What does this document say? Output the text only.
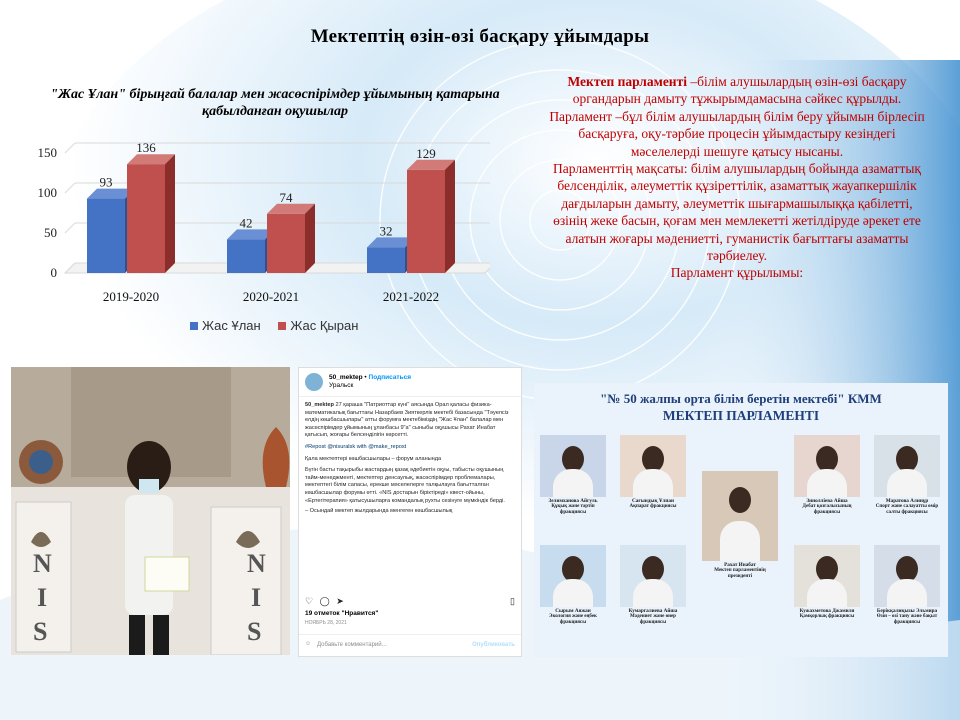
Мектептің өзін-өзі басқару ұйымдары
"Жас Ұлан" бірыңғай балалар мен жасөспірімдер ұйымының қатарына қабылданған оқушылар
0
50
100
150
93
136
2019-2020
42
74
2020-2021
32
129
2021-2022
Жас Ұлан Жас Қыран
Мектеп парламенті –білім алушылардың өзін-өзі басқару органдарын дамыту тұжырымдамасына сәйкес құрылды.
Парламент –бұл білім алушылардың білім беру ұйымын бірлесіп басқаруға, оқу-тәрбие процесін ұйымдастыру кезіндегі мәселелерді шешуге қатысу нысаны.
Парламенттің мақсаты: білім алушылардың бойында азаматтық белсенділік, әлеуметтік құзіреттілік, азаматтық жауапкершілік дағдыларын дамыту, әлеуметтік шығармашылыққа қабілетті, өзінің жеке басын, қоғам мен мемлекетті жетілдіруде әрекет ете алатын жоғары мәдениетті, гуманистік бағыттағы азаматты тәрбиелеу.
Парламент құрылымы:
N
I
S
N
I
S
50_mektep • Подписаться
Уральск
50_mektep 27 қараша "Патриоттар күні" аясында Орал қаласы физика-математикалық бағыттағы Назарбаев Зияткерлік мектебі базасында "Тәуелсіз елдің көшбасшылары" атты форумға мектебіміздің "Жас Ұлан" балалар мен жасөспірімдер ұйымының ұланбасы 9"а" сыныбы оқушысы Рахат Инабат қатысып, жоғары белсенділігін көрсетті.
#Repost @nisuralsk with @make_repost
Қала мектептері көшбасшылары – форум аланында
Бүгін басты тақырыбы жастардың қазақ әдебиетін оқуы, табысты оқушының тайм-менеджменті, мектептер денсаулық, жасөспірімдер проблемалары, мектептегі білім сапасы, ерекше мәселелерге талқылауға бағытталған көшбасшылар форумы өтті. «NIS достарын біріктіреді» квест-ойыны, «Ертегітерапия» қатысушыларға командалық рухты сезінуге мүмкіндік берді.
– Осындай мектеп жылдарында менгеген көшбасшылық
♡ ◯ ➤	▯
19 отметок "Нравится"
НОЯБРЬ 28, 2021
☺ Добавьте комментарий...	Опубликовать
"№ 50 жалпы орта білім беретін мектебі" КММ
МЕКТЕП ПАРЛАМЕНТІ
Зелимханова Айгуль
Құқық және тәртіп фракциясы
Сағындық Ұлпан
Ақпарат фракциясы
Рахат Инабат
Мектеп парламентінің президенті
Зинолліева Айша
Дебат қозғалысының фракциясы
Маратова Алинұр
Спорт және салауатты өмір салты фракциясы
Сырым Аяжан
Экология және еңбек фракциясы
Кумаргалиева Айша
Мәдениет және өнер фракциясы
Кужахметова Джамиля
Қамқорлық фракциясы
Берікқалиқызы Эльмира
Өзін – өзі тану және бақыт фракциясы
